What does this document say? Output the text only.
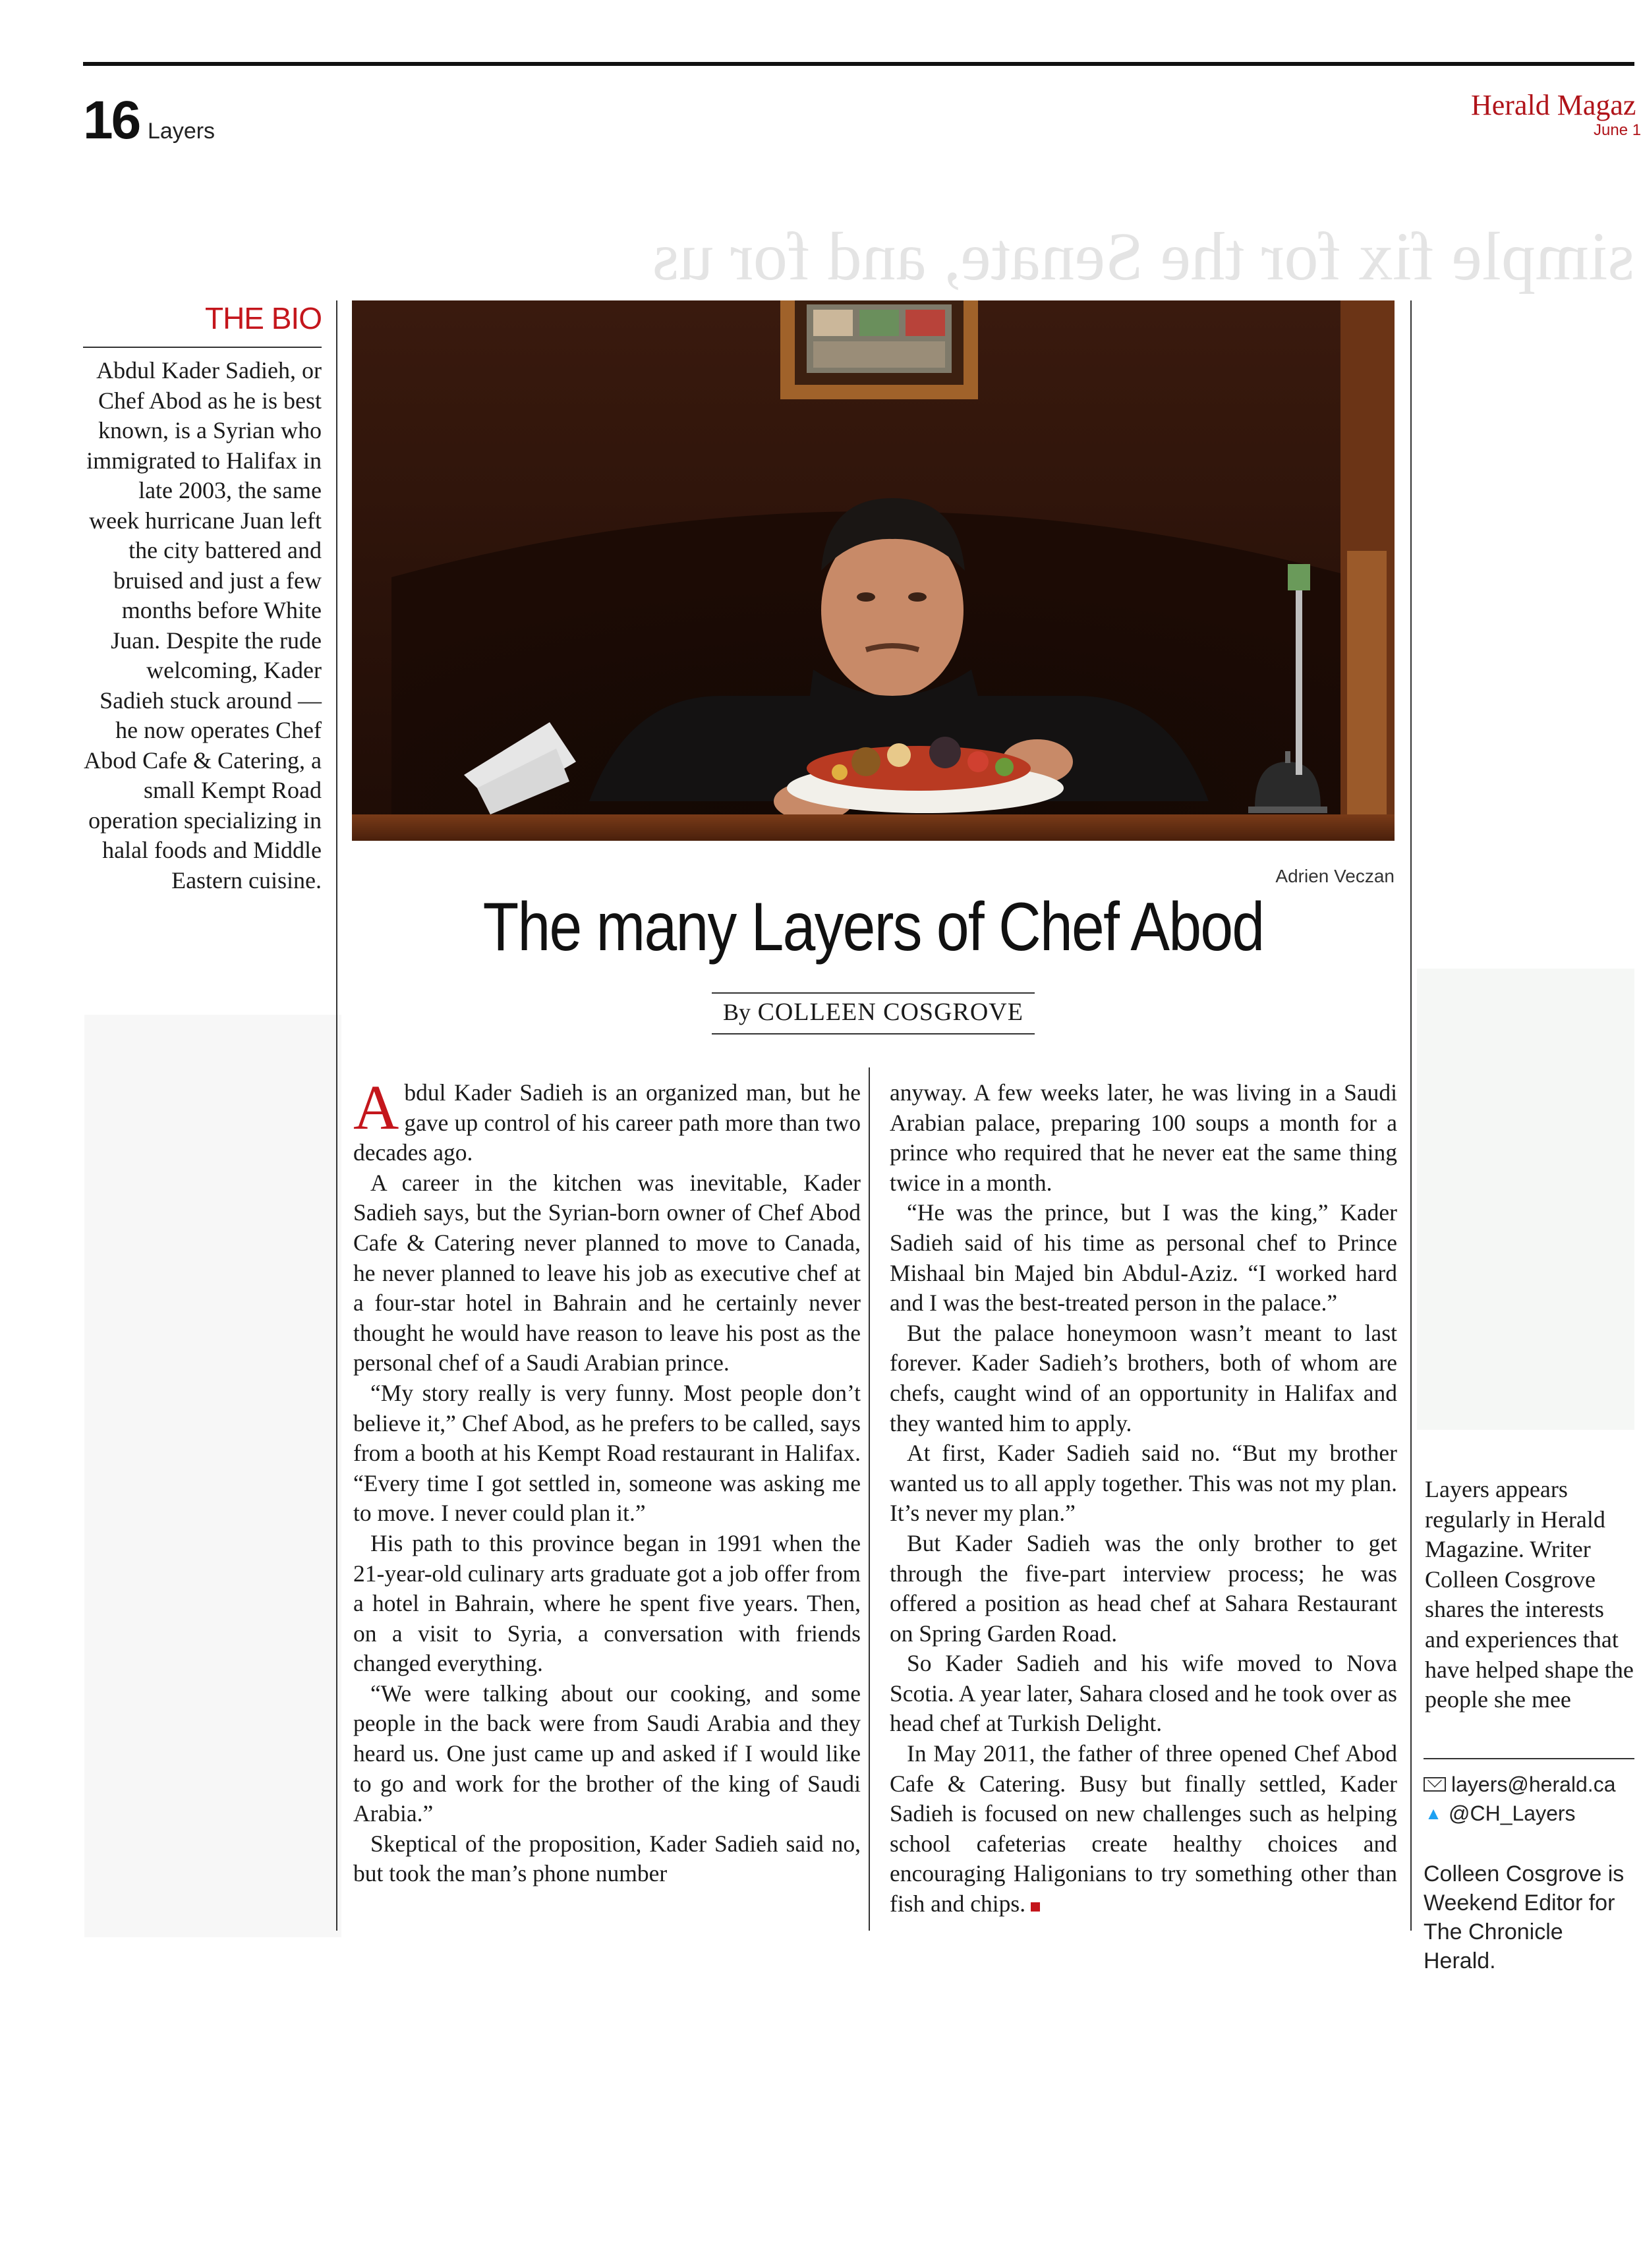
16 Layers
Herald Magaz
June 1
simple fix for the Senate, and for us
THE BIO
Abdul Kader Sadieh, or Chef Abod as he is best known, is a Syrian who immigrated to Halifax in late 2003, the same week hurricane Juan left the city battered and bruised and just a few months before White Juan. Despite the rude welcoming, Kader Sadieh stuck around — he now operates Chef Abod Cafe & Catering, a small Kempt Road operation specializing in halal foods and Middle Eastern cuisine.	Adrien Veczan
The many Layers of Chef Abod
By COLLEEN COSGROVE

Abdul Kader Sadieh is an organized man, but he gave up control of his career path more than two decades ago.

A career in the kitchen was inevitable, Kader Sadieh says, but the Syrian-born owner of Chef Abod Cafe & Catering never planned to move to Canada, he never planned to leave his job as executive chef at a four-star hotel in Bahrain and he certainly never thought he would have reason to leave his post as the personal chef of a Saudi Arabian prince.

“My story really is very funny. Most people don’t believe it,” Chef Abod, as he prefers to be called, says from a booth at his Kempt Road restaurant in Halifax. “Every time I got settled in, someone was asking me to move. I never could plan it.”

His path to this province began in 1991 when the 21-year-old culinary arts graduate got a job offer from a hotel in Bahrain, where he spent five years. Then, on a visit to Syria, a conversation with friends changed everything.

“We were talking about our cooking, and some people in the back were from Saudi Arabia and they heard us. One just came up and asked if I would like to go and work for the brother of the king of Saudi Arabia.”

Skeptical of the proposition, Kader Sadieh said no, but took the man’s phone number

anyway. A few weeks later, he was living in a Saudi Arabian palace, preparing 100 soups a month for a prince who required that he never eat the same thing twice in a month.

“He was the prince, but I was the king,” Kader Sadieh said of his time as personal chef to Prince Mishaal bin Majed bin Abdul-Aziz. “I worked hard and I was the best-treated person in the palace.”

But the palace honeymoon wasn’t meant to last forever. Kader Sadieh’s brothers, both of whom are chefs, caught wind of an opportunity in Halifax and they wanted him to apply.

At first, Kader Sadieh said no. “But my brother wanted us to all apply together. This was not my plan. It’s never my plan.”

But Kader Sadieh was the only brother to get through the five-part interview process; he was offered a position as head chef at Sahara Restaurant on Spring Garden Road.

So Kader Sadieh and his wife moved to Nova Scotia. A year later, Sahara closed and he took over as head chef at Turkish Delight.

In May 2011, the father of three opened Chef Abod Cafe & Catering. Busy but finally settled, Kader Sadieh is focused on new challenges such as helping school cafeterias create healthy choices and encouraging Haligonians to try something other than fish and chips.

Layers appears regularly in Herald Magazine. Writer Colleen Cosgrove shares the interests and experiences that have helped shape the people she mee
layers@herald.ca
▲ @CH_Layers
Colleen Cosgrove is Weekend Editor for The Chronicle Herald.
